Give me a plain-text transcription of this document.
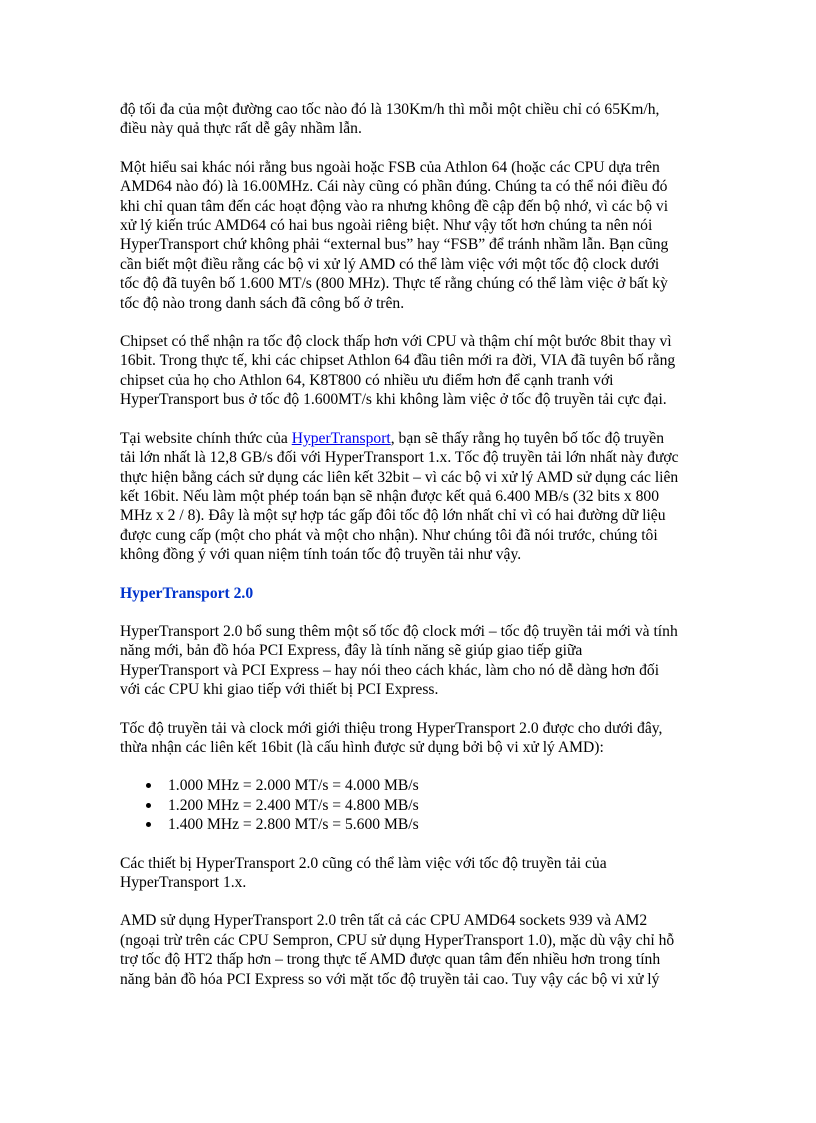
độ tối đa của một đường cao tốc nào đó là 130Km/h thì mỗi một chiều chỉ có 65Km/h,
điều này quả thực rất dễ gây nhầm lẫn.

Một hiểu sai khác nói rằng bus ngoài hoặc FSB của Athlon 64 (hoặc các CPU dựa trên
AMD64 nào đó) là 16.00MHz. Cái này cũng có phần đúng. Chúng ta có thể nói điều đó
khi chỉ quan tâm đến các hoạt động vào ra nhưng không đề cập đến bộ nhớ, vì các bộ vi
xử lý kiến trúc AMD64 có hai bus ngoài riêng biệt. Như vậy tốt hơn chúng ta nên nói
HyperTransport chứ không phải “external bus” hay “FSB” để tránh nhầm lẫn. Bạn cũng
cần biết một điều rằng các bộ vi xử lý AMD có thể làm việc với một tốc độ clock dưới
tốc độ đã tuyên bố 1.600 MT/s (800 MHz). Thực tế rằng chúng có thể làm việc ở bất kỳ
tốc độ nào trong danh sách đã công bố ở trên.

Chipset có thể nhận ra tốc độ clock thấp hơn với CPU và thậm chí một bước 8bit thay vì
16bit. Trong thực tế, khi các chipset Athlon 64 đầu tiên mới ra đời, VIA đã tuyên bố rằng
chipset của họ cho Athlon 64, K8T800 có nhiều ưu điểm hơn để cạnh tranh với
HyperTransport bus ở tốc độ 1.600MT/s khi không làm việc ở tốc độ truyền tải cực đại.

Tại website chính thức của HyperTransport, bạn sẽ thấy rằng họ tuyên bố tốc độ truyền
tải lớn nhất là 12,8 GB/s đối với HyperTransport 1.x. Tốc độ truyền tải lớn nhất này được
thực hiện bằng cách sử dụng các liên kết 32bit – vì các bộ vi xử lý AMD sử dụng các liên
kết 16bit. Nếu làm một phép toán bạn sẽ nhận được kết quả 6.400 MB/s (32 bits x 800
MHz x 2 / 8). Đây là một sự hợp tác gấp đôi tốc độ lớn nhất chỉ vì có hai đường dữ liệu
được cung cấp (một cho phát và một cho nhận). Như chúng tôi đã nói trước, chúng tôi
không đồng ý với quan niệm tính toán tốc độ truyền tải như vậy.

HyperTransport 2.0

HyperTransport 2.0 bổ sung thêm một số tốc độ clock mới – tốc độ truyền tải mới và tính
năng mới, bản đồ hóa PCI Express, đây là tính năng sẽ giúp giao tiếp giữa
HyperTransport và PCI Express – hay nói theo cách khác, làm cho nó dễ dàng hơn đối
với các CPU khi giao tiếp với thiết bị PCI Express.

Tốc độ truyền tải và clock mới giới thiệu trong HyperTransport 2.0 được cho dưới đây,
thừa nhận các liên kết 16bit (là cấu hình được sử dụng bởi bộ vi xử lý AMD):

1.000 MHz = 2.000 MT/s = 4.000 MB/s
1.200 MHz = 2.400 MT/s = 4.800 MB/s
1.400 MHz = 2.800 MT/s = 5.600 MB/s

Các thiết bị HyperTransport 2.0 cũng có thể làm việc với tốc độ truyền tải của
HyperTransport 1.x.

AMD sử dụng HyperTransport 2.0 trên tất cả các CPU AMD64 sockets 939 và AM2
(ngoại trừ trên các CPU Sempron, CPU sử dụng HyperTransport 1.0), mặc dù vậy chỉ hỗ
trợ tốc độ HT2 thấp hơn – trong thực tế AMD được quan tâm đến nhiều hơn trong tính
năng bản đồ hóa PCI Express so với mặt tốc độ truyền tải cao. Tuy vậy các bộ vi xử lý
